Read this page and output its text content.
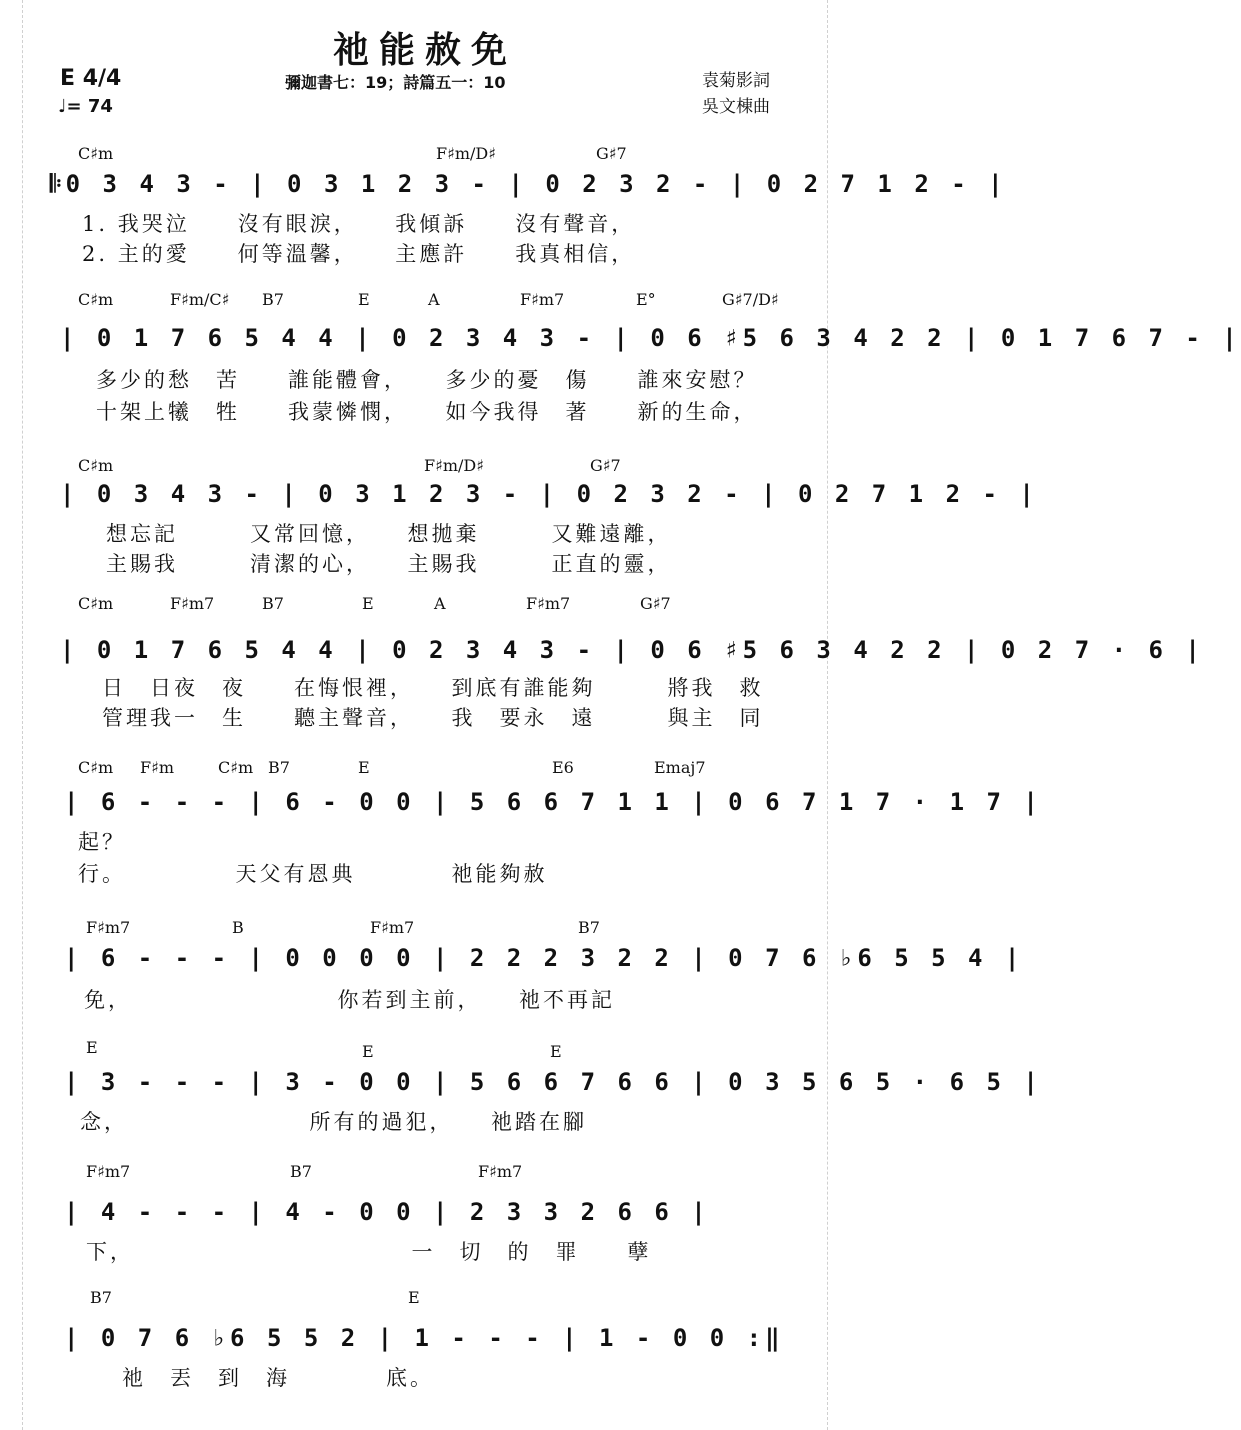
祂能赦免
E 4/4
♩= 74
彌迦書七：19；詩篇五一：10	袁菊影詞
吳文棟曲
C♯m	F♯m/D♯	G♯7
𝄆0 3 4 3 - | 0 3 1 2 3 - | 0 2 3 2 - | 0 2 7 1 2 - |
1. 我哭泣　　沒有眼淚，　　我傾訴　　沒有聲音，
2. 主的愛　　何等溫馨，　　主應許　　我真相信，
C♯m	F♯m/C♯ B7	E	A	F♯m7	E°	G♯7/D♯
| 0 1 7 6 5 4 4 | 0 2 3 4 3 - | 0 6 ♯5 6 3 4 2 2 | 0 1 7 6 7 - |
多少的愁　苦　　誰能體會，　　多少的憂　傷　　誰來安慰？
十架上犧　牲　　我蒙憐憫，　　如今我得　著　　新的生命，
C♯m	F♯m/D♯	G♯7
| 0 3 4 3 - | 0 3 1 2 3 - | 0 2 3 2 - | 0 2 7 1 2 - |
想忘記　　　又常回憶，　　想拋棄　　　又難遠離，
主賜我　　　清潔的心，　　主賜我　　　正直的靈，
C♯m	F♯m7	B7	E	A	F♯m7	G♯7
| 0 1 7 6 5 4 4 | 0 2 3 4 3 - | 0 6 ♯5 6 3 4 2 2 | 0 2 7 · 6 |
日　日夜　夜　　在悔恨裡，　　到底有誰能夠　　　將我　救
管理我一　生　　聽主聲音，　　我　要永　遠　　　與主　同
C♯m F♯m	C♯m B7	E	E6	Emaj7
| 6 - - - | 6 - 0 0 | 5 6 6 7 1 1 | 0 6 7 1 7 · 1 7 |
起？
行。　　　　　天父有恩典　　　　祂能夠赦
F♯m7	B	F♯m7	B7
| 6 - - - | 0 0 0 0 | 2 2 2 3 2 2 | 0 7 6 ♭6 5 5 4 |
免，　　　　　　　　　你若到主前，　　祂不再記
E	E	E
| 3 - - - | 3 - 0 0 | 5 6 6 7 6 6 | 0 3 5 6 5 · 6 5 |
念，　　　　　　　　所有的過犯，　　祂踏在腳
F♯m7	B7	F♯m7
| 4 - - - | 4 - 0 0 | 2 3 3 2 6 6 |
下，　　　　　　　　　　　　一　切　的　罪　　孽
B7	E
| 0 7 6 ♭6 5 5 2 | 1 - - - | 1 - 0 0 :‖
祂　丟　到　海　　　　底。
